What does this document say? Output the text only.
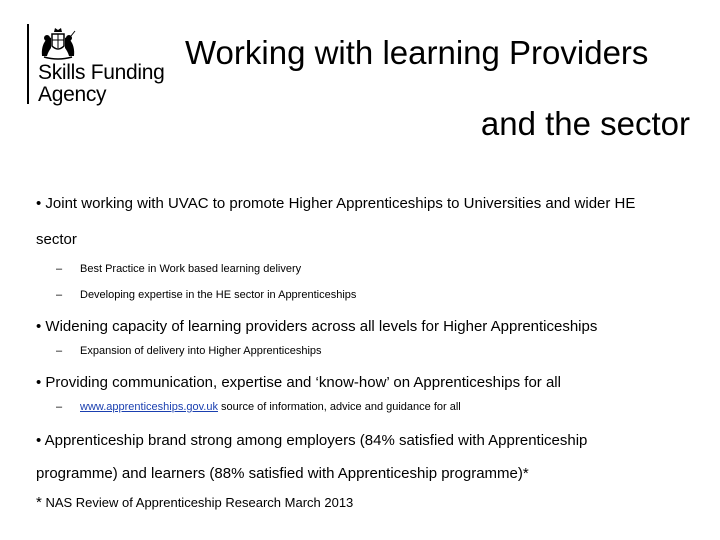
Skills Funding
Agency
Working with learning Providers
and the sector

• Joint working with UVAC to promote Higher Apprenticeships to Universities and wider HE

sector

– Best Practice in Work based learning delivery
– Developing expertise in the HE sector in Apprenticeships

• Widening capacity of learning providers across all levels for Higher Apprenticeships

– Expansion of delivery into Higher Apprenticeships

• Providing communication, expertise and ‘know-how’ on Apprenticeships for all

– www.apprenticeships.gov.uk source of information, advice and guidance for all

• Apprenticeship brand strong among employers (84% satisfied with Apprenticeship

programme) and learners (88% satisfied with Apprenticeship programme)*

* NAS Review of Apprenticeship Research March 2013
